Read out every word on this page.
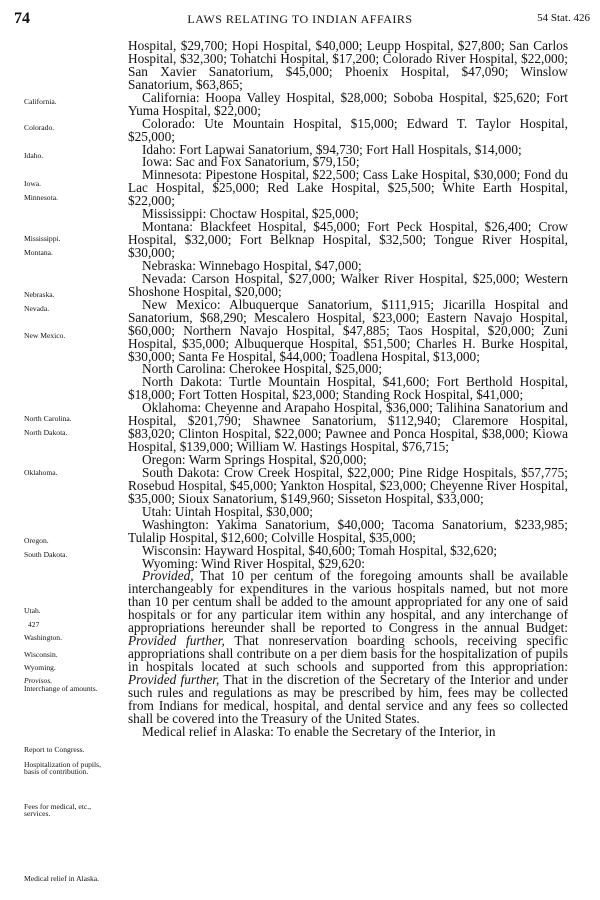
74	LAWS RELATING TO INDIAN AFFAIRS	54 Stat. 426
California.
Colorado.
Idaho.
Iowa.
Minnesota.
Mississippi.
Montana.
Nebraska.
Nevada.
New Mexico.
North Carolina.
North Dakota.
Oklahoma.
Oregon.
South Dakota.
Utah.
427
Washington.
Wisconsin.
Wyoming.
Provisos.
Interchange of amounts.
Report to Congress.
Hospitalization of pupils, basis of contribution.
Fees for medical, etc., services.
Medical relief in Alaska.

Hospital, $29,700; Hopi Hospital, $40,000; Leupp Hospital, $27,800; San Carlos Hospital, $32,300; Tohatchi Hospital, $17,200; Colorado River Hospital, $22,000; San Xavier Sanatorium, $45,000; Phoenix Hospital, $47,090; Winslow Sanatorium, $63,865;

California: Hoopa Valley Hospital, $28,000; Soboba Hospital, $25,620; Fort Yuma Hospital, $22,000;

Colorado: Ute Mountain Hospital, $15,000; Edward T. Taylor Hospital, $25,000;

Idaho: Fort Lapwai Sanatorium, $94,730; Fort Hall Hospitals, $14,000;

Iowa: Sac and Fox Sanatorium, $79,150;

Minnesota: Pipestone Hospital, $22,500; Cass Lake Hospital, $30,000; Fond du Lac Hospital, $25,000; Red Lake Hospital, $25,500; White Earth Hospital, $22,000;

Mississippi: Choctaw Hospital, $25,000;

Montana: Blackfeet Hospital, $45,000; Fort Peck Hospital, $26,400; Crow Hospital, $32,000; Fort Belknap Hospital, $32,500; Tongue River Hospital, $30,000;

Nebraska: Winnebago Hospital, $47,000;

Nevada: Carson Hospital, $27,000; Walker River Hospital, $25,000; Western Shoshone Hospital, $20,000;

New Mexico: Albuquerque Sanatorium, $111,915; Jicarilla Hospital and Sanatorium, $68,290; Mescalero Hospital, $23,000; Eastern Navajo Hospital, $60,000; Northern Navajo Hospital, $47,885; Taos Hospital, $20,000; Zuni Hospital, $35,000; Albuquerque Hospital, $51,500; Charles H. Burke Hospital, $30,000; Santa Fe Hospital, $44,000; Toadlena Hospital, $13,000;

North Carolina: Cherokee Hospital, $25,000;

North Dakota: Turtle Mountain Hospital, $41,600; Fort Berthold Hospital, $18,000; Fort Totten Hospital, $23,000; Standing Rock Hospital, $41,000;

Oklahoma: Cheyenne and Arapaho Hospital, $36,000; Talihina Sanatorium and Hospital, $201,790; Shawnee Sanatorium, $112,940; Claremore Hospital, $83,020; Clinton Hospital, $22,000; Pawnee and Ponca Hospital, $38,000; Kiowa Hospital, $139,000; William W. Hastings Hospital, $76,715;

Oregon: Warm Springs Hospital, $20,000;

South Dakota: Crow Creek Hospital, $22,000; Pine Ridge Hospitals, $57,775; Rosebud Hospital, $45,000; Yankton Hospital, $23,000; Cheyenne River Hospital, $35,000; Sioux Sanatorium, $149,960; Sisseton Hospital, $33,000;

Utah: Uintah Hospital, $30,000;

Washington: Yakima Sanatorium, $40,000; Tacoma Sanatorium, $233,985; Tulalip Hospital, $12,600; Colville Hospital, $35,000;

Wisconsin: Hayward Hospital, $40,600; Tomah Hospital, $32,620;

Wyoming: Wind River Hospital, $29,620:

Provided, That 10 per centum of the foregoing amounts shall be available interchangeably for expenditures in the various hospitals named, but not more than 10 per centum shall be added to the amount appropriated for any one of said hospitals or for any particular item within any hospital, and any interchange of appropriations hereunder shall be reported to Congress in the annual Budget: Provided further, That nonreservation boarding schools, receiving specific appropriations shall contribute on a per diem basis for the hospitalization of pupils in hospitals located at such schools and supported from this appropriation: Provided further, That in the discretion of the Secretary of the Interior and under such rules and regulations as may be prescribed by him, fees may be collected from Indians for medical, hospital, and dental service and any fees so collected shall be covered into the Treasury of the United States.

Medical relief in Alaska: To enable the Secretary of the Interior, in
